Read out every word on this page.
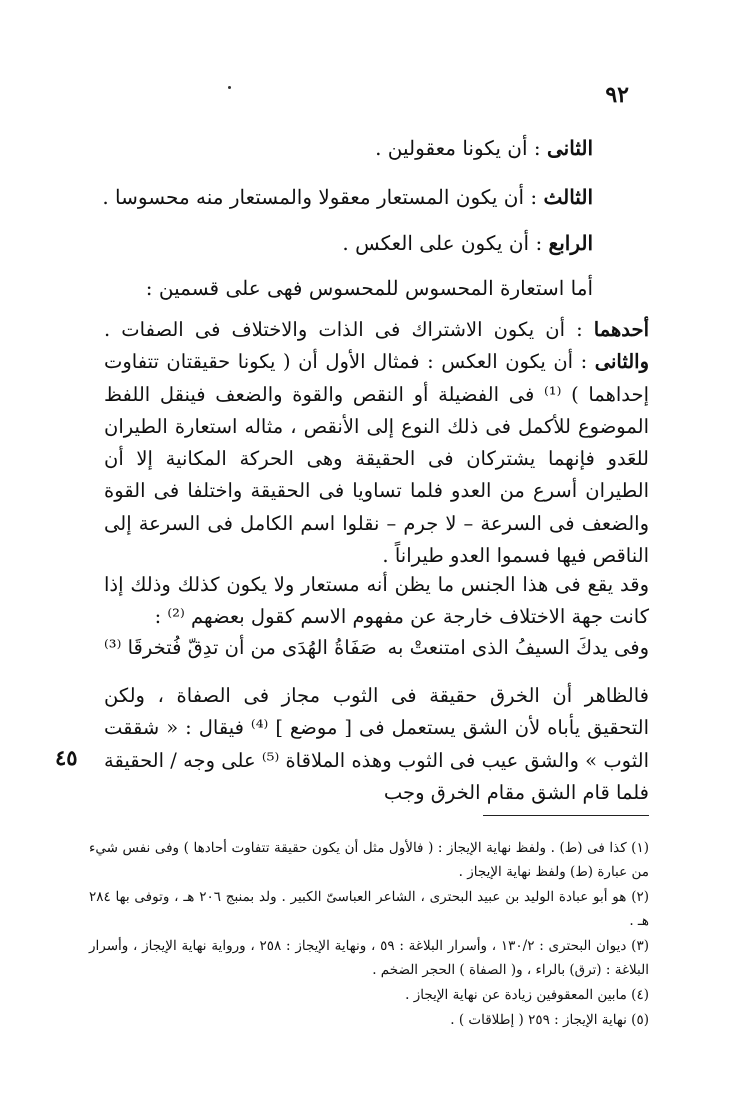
٩٢
الثانى : أن يكونا معقولين .
الثالث : أن يكون المستعار معقولا والمستعار منه محسوسا .
الرابع : أن يكون على العكس .
أما استعارة المحسوس للمحسوس فهى على قسمين :
أحدهما : أن يكون الاشتراك فى الذات والاختلاف فى الصفات . والثانى : أن يكون العكس : فمثال الأول أن ( يكونا حقيقتان تتفاوت إحداهما ) ⁽¹⁾ فى الفضيلة أو النقص والقوة والضعف فينقل اللفظ الموضوع للأكمل فى ذلك النوع إلى الأنقص ، مثاله استعارة الطيران للعَدو فإنهما يشتركان فى الحقيقة وهى الحركة المكانية إلا أن الطيران أسرع من العدو فلما تساويا فى الحقيقة واختلفا فى القوة والضعف فى السرعة – لا جرم – نقلوا اسم الكامل فى السرعة إلى الناقص فيها فسموا العدو طيراناً .
وقد يقع فى هذا الجنس ما يظن أنه مستعار ولا يكون كذلك وذلك إذا كانت جهة الاختلاف خارجة عن مفهوم الاسم كقول بعضهم ⁽²⁾ :
وفى يدكَ السيفُ الذى امتنعتْ به
صَفَاةُ الهُدَى من أن تدِقّ فُتخرقَا ⁽³⁾
فالظاهر أن الخرق حقيقة فى الثوب مجاز فى الصفاة ، ولكن التحقيق يأباه لأن الشق يستعمل فى [ موضع ] ⁽⁴⁾ فيقال : « شققت الثوب » والشق عيب فى الثوب وهذه الملاقاة ⁽⁵⁾ على وجه / الحقيقة فلما قام الشق مقام الخرق وجب
٤٥
(١) كذا فى (ط) . ولفظ نهاية الإيجاز : ( فالأول مثل أن يكون حقيقة تتفاوت أحادها ) وفى نفس شيء من عبارة (ط) ولفظ نهاية الإيجاز .
(٢) هو أبو عبادة الوليد بن عبيد البحترى ، الشاعر العباسىّ الكبير . ولد بمنبج ٢٠٦ هـ ، وتوفى بها ٢٨٤ هـ .
(٣) ديوان البحترى : ١٣٠/٢ ، وأسرار البلاغة : ٥٩ ، ونهاية الإيجاز : ٢٥٨ ، ورواية نهاية الإيجاز ، وأسرار البلاغة : (ترق) بالراء ، و( الصفاة ) الحجر الضخم .
(٤) مابين المعقوفين زيادة عن نهاية الإيجاز .
(٥) نهاية الإيجاز : ٢٥٩ ( إطلاقات ) .
